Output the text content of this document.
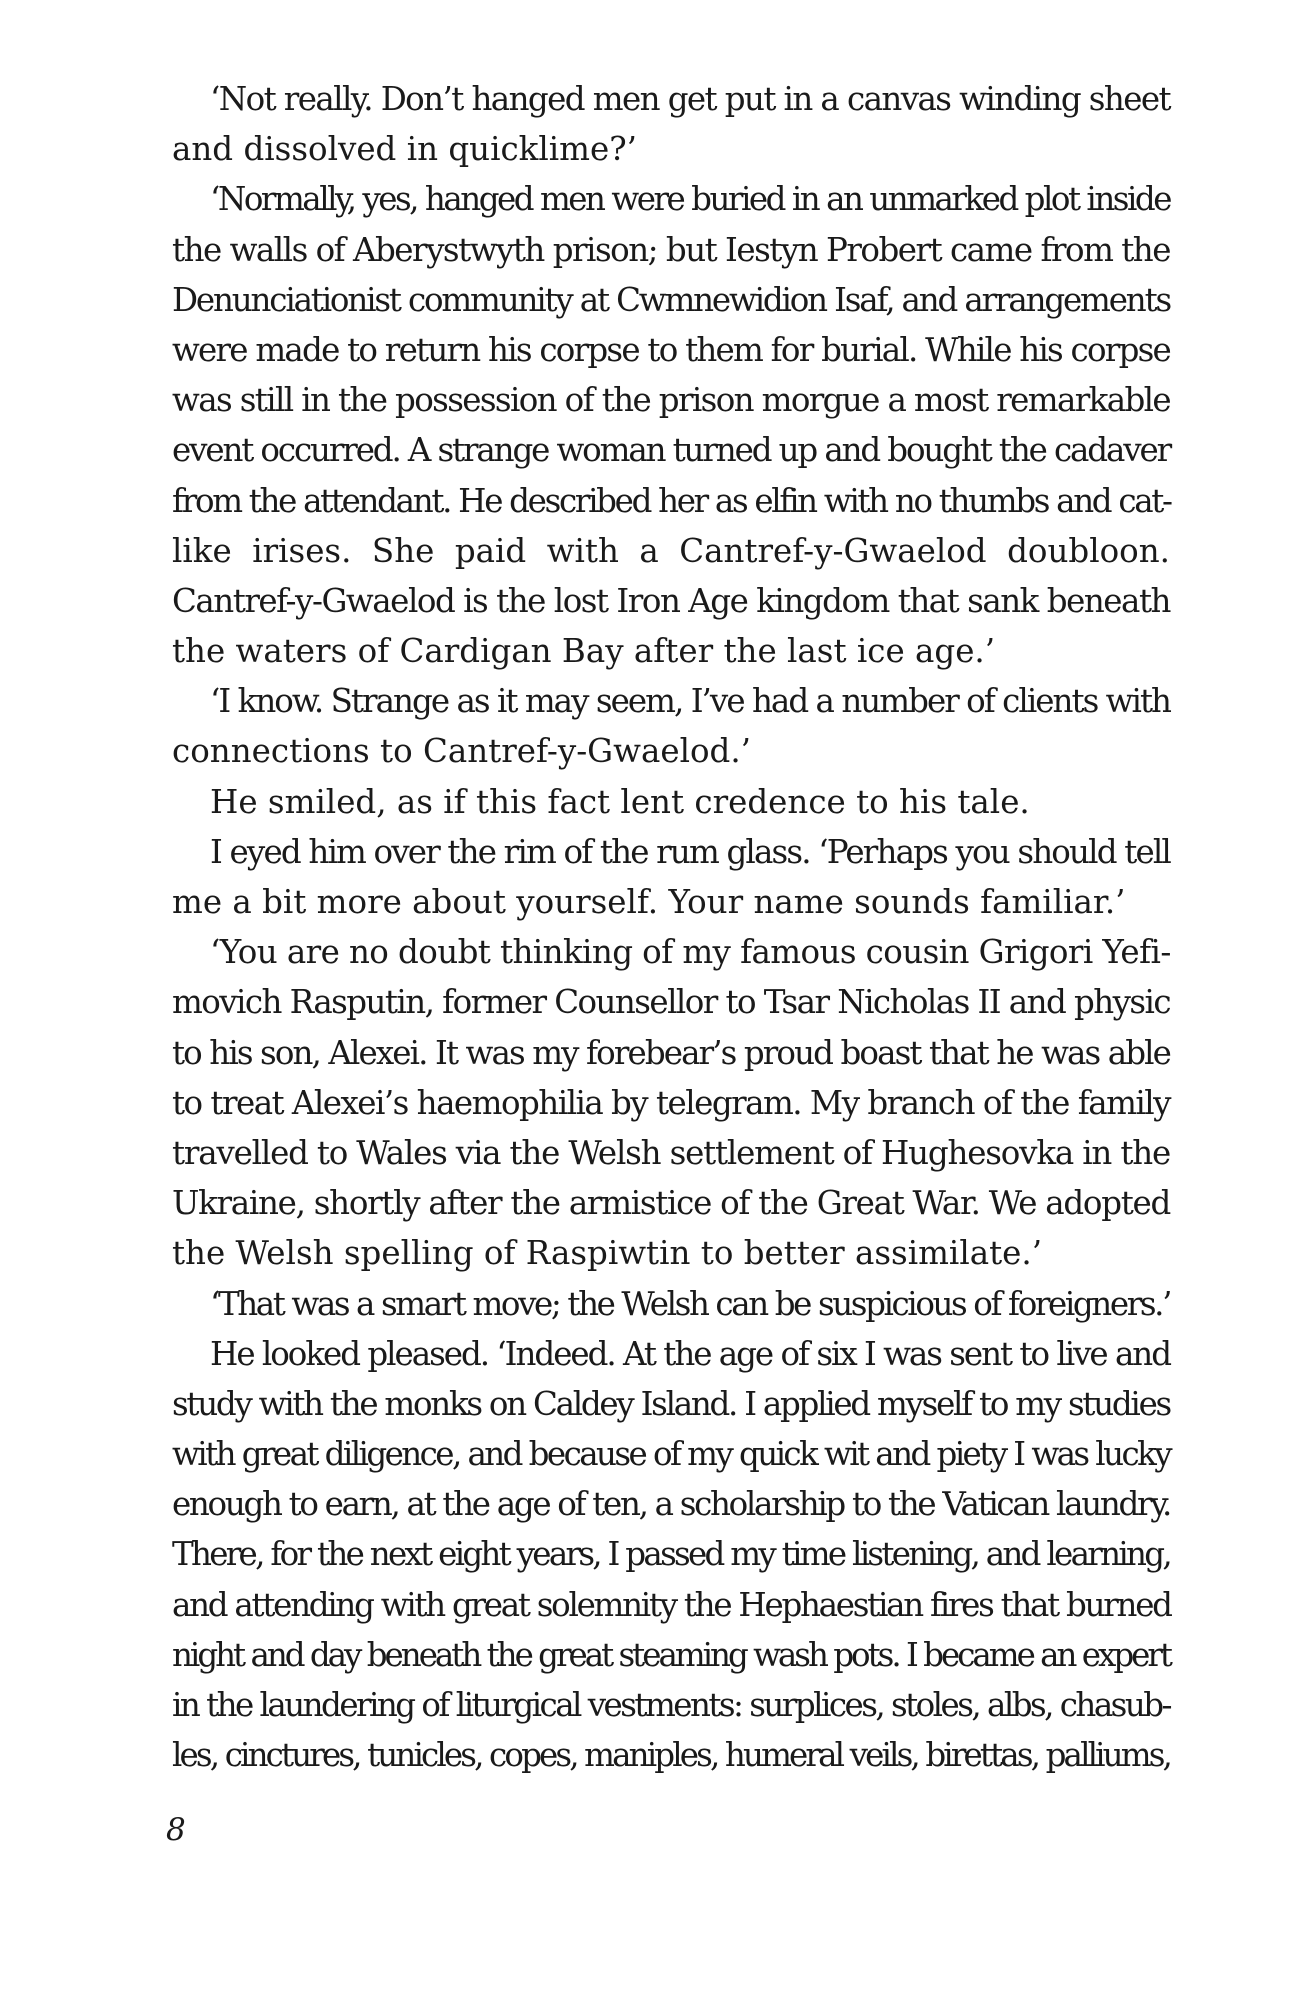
‘Not really. Don’t hanged men get put in a canvas winding sheet
and dissolved in quicklime?’
‘Normally, yes, hanged men were buried in an unmarked plot inside
the walls of Aberystwyth prison; but Iestyn Probert came from the
Denunciationist community at Cwmnewidion Isaf, and arrangements
were made to return his corpse to them for burial. While his corpse
was still in the possession of the prison morgue a most remarkable
event occurred. A strange woman turned up and bought the cadaver
from the attendant. He described her as elfin with no thumbs and cat-
like irises. She paid with a Cantref-y-Gwaelod doubloon.
Cantref-y-Gwaelod is the lost Iron Age kingdom that sank beneath
the waters of Cardigan Bay after the last ice age.’
‘I know. Strange as it may seem, I’ve had a number of clients with
connections to Cantref-y-Gwaelod.’
He smiled, as if this fact lent credence to his tale.
I eyed him over the rim of the rum glass. ‘Perhaps you should tell
me a bit more about yourself. Your name sounds familiar.’
‘You are no doubt thinking of my famous cousin Grigori Yefi-
movich Rasputin, former Counsellor to Tsar Nicholas II and physic
to his son, Alexei. It was my forebear’s proud boast that he was able
to treat Alexei’s haemophilia by telegram. My branch of the family
travelled to Wales via the Welsh settlement of Hughesovka in the
Ukraine, shortly after the armistice of the Great War. We adopted
the Welsh spelling of Raspiwtin to better assimilate.’
‘That was a smart move; the Welsh can be suspicious of foreigners.’
He looked pleased. ‘Indeed. At the age of six I was sent to live and
study with the monks on Caldey Island. I applied myself to my studies
with great diligence, and because of my quick wit and piety I was lucky
enough to earn, at the age of ten, a scholarship to the Vatican laundry.
There, for the next eight years, I passed my time listening, and learning,
and attending with great solemnity the Hephaestian fires that burned
night and day beneath the great steaming wash pots. I became an expert
in the laundering of liturgical vestments: surplices, stoles, albs, chasub-
les, cinctures, tunicles, copes, maniples, humeral veils, birettas, palliums,
8
